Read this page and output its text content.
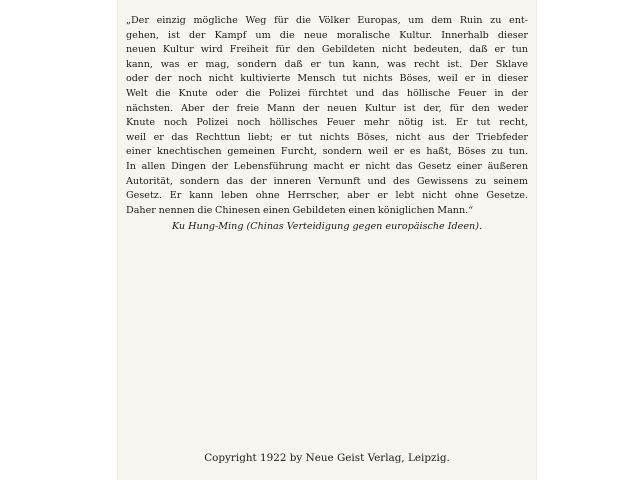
„Der einzig mögliche Weg für die Völker Europas, um dem Ruin zu ent-
gehen, ist der Kampf um die neue moralische Kultur. Innerhalb dieser
neuen Kultur wird Freiheit für den Gebildeten nicht bedeuten, daß er tun
kann, was er mag, sondern daß er tun kann, was recht ist. Der Sklave
oder der noch nicht kultivierte Mensch tut nichts Böses, weil er in dieser
Welt die Knute oder die Polizei fürchtet und das höllische Feuer in der
nächsten. Aber der freie Mann der neuen Kultur ist der, für den weder
Knute noch Polizei noch höllisches Feuer mehr nötig ist. Er tut recht,
weil er das Rechttun liebt; er tut nichts Böses, nicht aus der Triebfeder
einer knechtischen gemeinen Furcht, sondern weil er es haßt, Böses zu tun.
In allen Dingen der Lebensführung macht er nicht das Gesetz einer äußeren
Autorität, sondern das der inneren Vernunft und des Gewissens zu seinem
Gesetz. Er kann leben ohne Herrscher, aber er lebt nicht ohne Gesetze.
Daher nennen die Chinesen einen Gebildeten einen königlichen Mann.“
Ku Hung-Ming (Chinas Verteidigung gegen europäische Ideen).
Copyright 1922 by Neue Geist Verlag, Leipzig.
